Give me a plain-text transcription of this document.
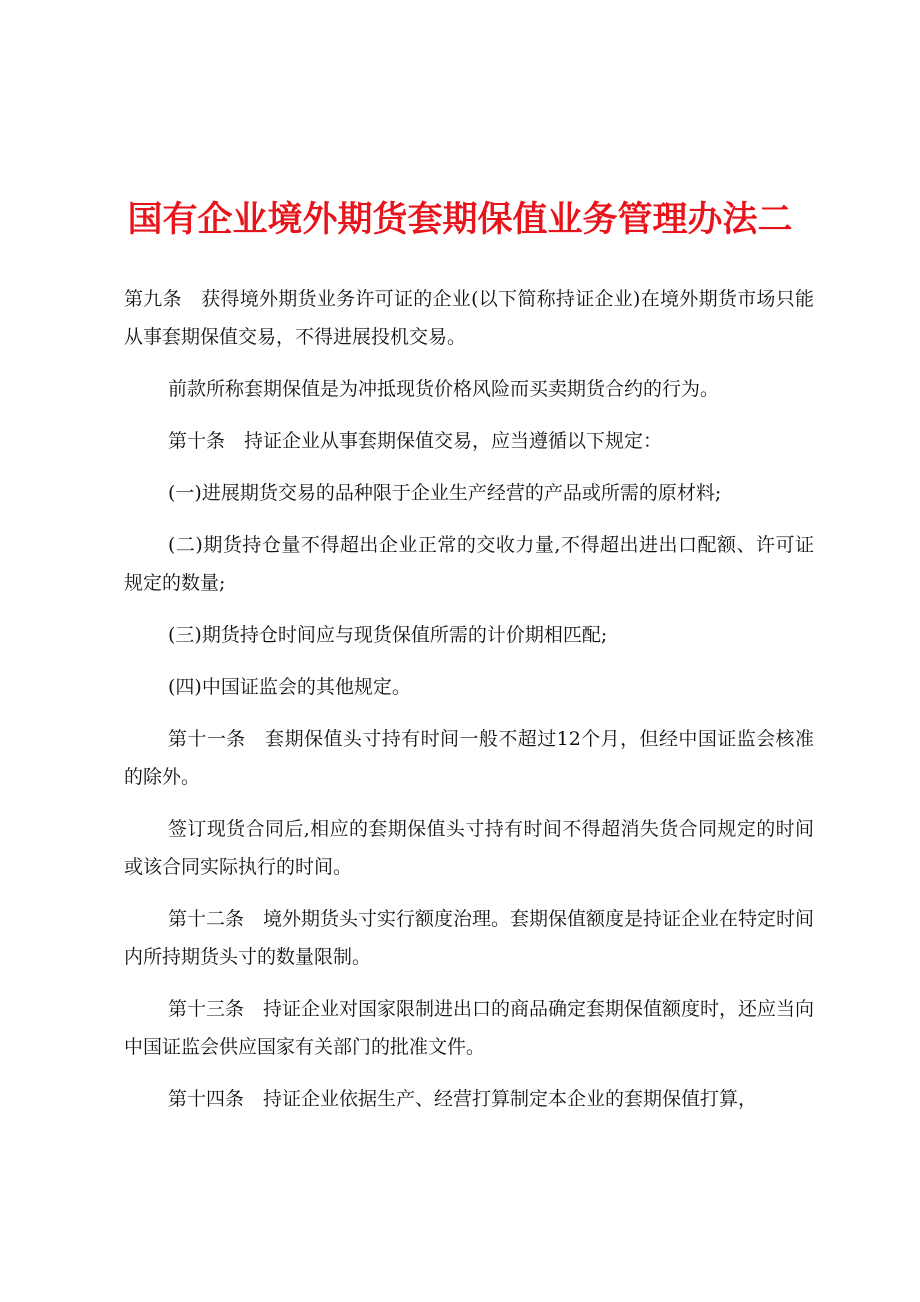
国有企业境外期货套期保值业务管理办法二

第九条　获得境外期货业务许可证的企业(以下简称持证企业)在境外期货市场只能从事套期保值交易，不得进展投机交易。

前款所称套期保值是为冲抵现货价格风险而买卖期货合约的行为。

第十条　持证企业从事套期保值交易，应当遵循以下规定：

(一)进展期货交易的品种限于企业生产经营的产品或所需的原材料;

(二)期货持仓量不得超出企业正常的交收力量,不得超出进出口配额、许可证规定的数量;

(三)期货持仓时间应与现货保值所需的计价期相匹配;

(四)中国证监会的其他规定。

第十一条　套期保值头寸持有时间一般不超过12个月，但经中国证监会核准的除外。

签订现货合同后,相应的套期保值头寸持有时间不得超消失货合同规定的时间或该合同实际执行的时间。

第十二条　境外期货头寸实行额度治理。套期保值额度是持证企业在特定时间内所持期货头寸的数量限制。

第十三条　持证企业对国家限制进出口的商品确定套期保值额度时，还应当向中国证监会供应国家有关部门的批准文件。

第十四条　持证企业依据生产、经营打算制定本企业的套期保值打算，
